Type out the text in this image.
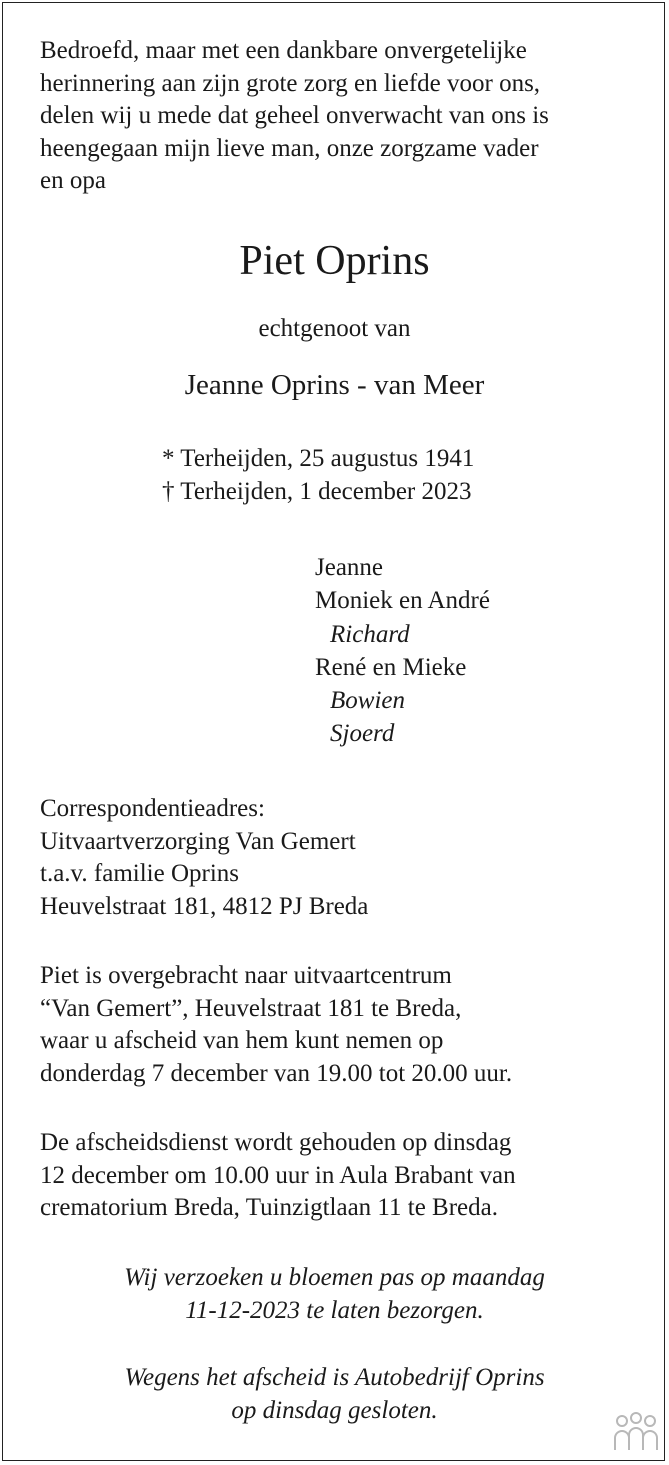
Bedroefd, maar met een dankbare onvergetelijke
herinnering aan zijn grote zorg en liefde voor ons,
delen wij u mede dat geheel onverwacht van ons is
heengegaan mijn lieve man, onze zorgzame vader
en opa
Piet Oprins
echtgenoot van
Jeanne Oprins - van Meer
* Terheijden, 25 augustus 1941
† Terheijden, 1 december 2023
Jeanne
Moniek en André
Richard
René en Mieke
Bowien
Sjoerd
Correspondentieadres:
Uitvaartverzorging Van Gemert
t.a.v. familie Oprins
Heuvelstraat 181, 4812 PJ Breda
Piet is overgebracht naar uitvaartcentrum
“Van Gemert”, Heuvelstraat 181 te Breda,
waar u afscheid van hem kunt nemen op
donderdag 7 december van 19.00 tot 20.00 uur.
De afscheidsdienst wordt gehouden op dinsdag
12 december om 10.00 uur in Aula Brabant van
crematorium Breda, Tuinzigtlaan 11 te Breda.
Wij verzoeken u bloemen pas op maandag
11-12-2023 te laten bezorgen.
Wegens het afscheid is Autobedrijf Oprins
op dinsdag gesloten.
